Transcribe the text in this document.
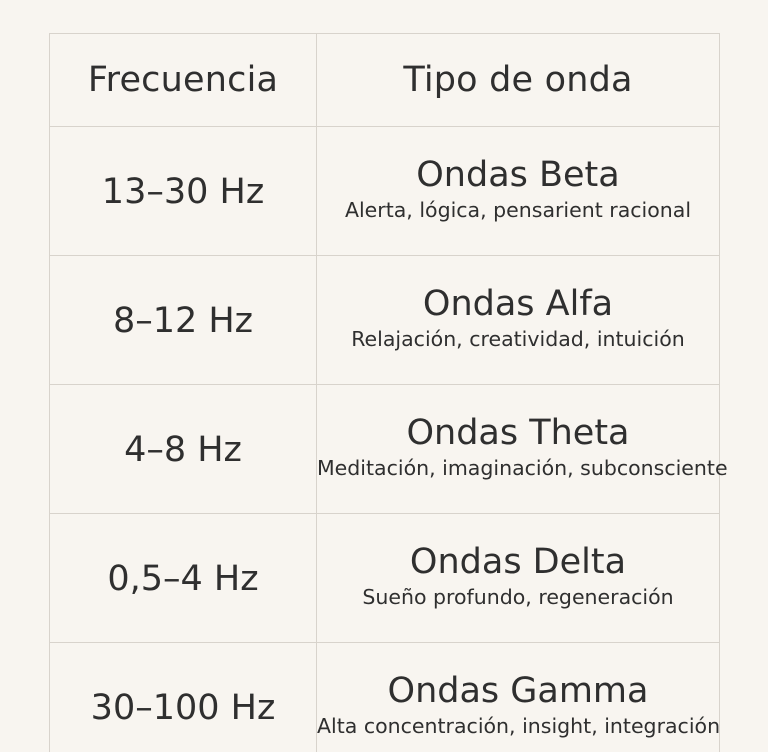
Frecuencia	Tipo de onda

13–30 Hz	Ondas Beta
Alerta, lógica, pensarient racional

8–12 Hz	Ondas Alfa
Relajación, creatividad, intuición

4–8 Hz	Ondas Theta
Meditación, imaginación, subconsciente

0,5–4 Hz	Ondas Delta
Sueño profundo, regeneración

30–100 Hz	Ondas Gamma
Alta concentración, insight, integración
